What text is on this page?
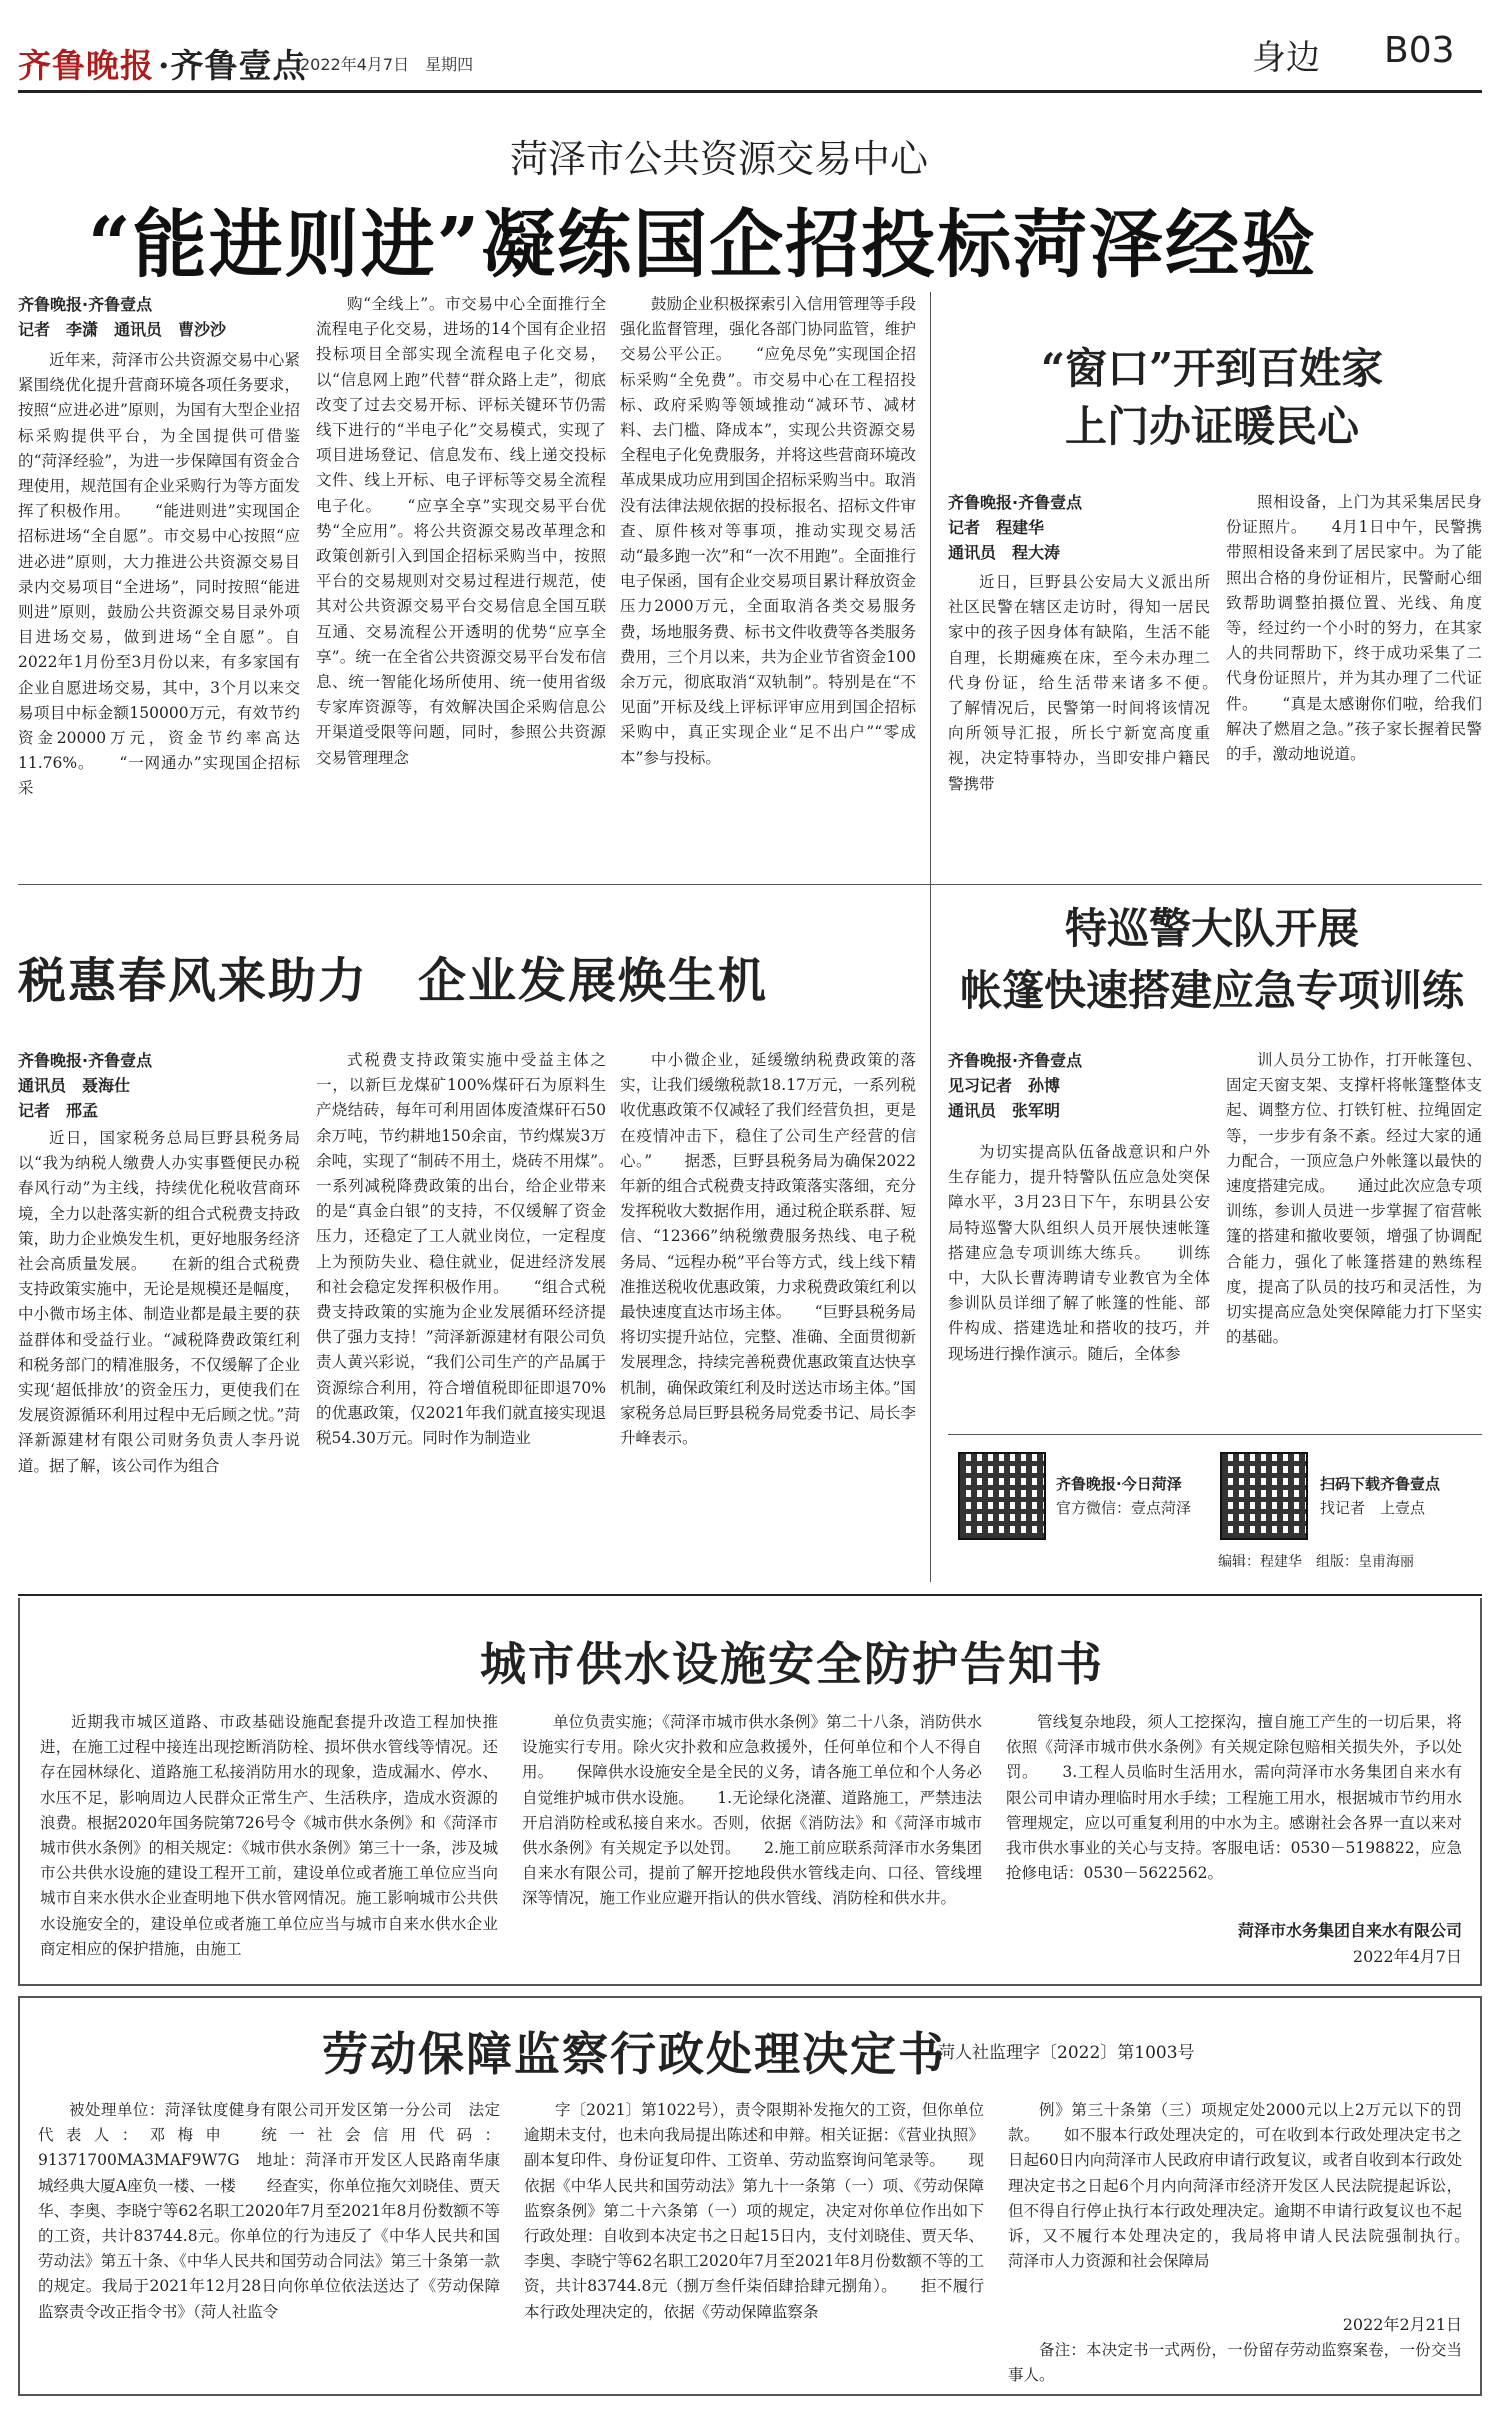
齐鲁晚报 ·齐鲁壹点
2022年4月7日　星期四	身边 B03
菏泽市公共资源交易中心
“能进则进”凝练国企招投标菏泽经验
齐鲁晚报·齐鲁壹点
记者　李潇　通讯员　曹沙沙

近年来，菏泽市公共资源交易中心紧紧围绕优化提升营商环境各项任务要求，按照“应进必进”原则，为国有大型企业招标采购提供平台，为全国提供可借鉴的“菏泽经验”，为进一步保障国有资金合理使用，规范国有企业采购行为等方面发挥了积极作用。　　“能进则进”实现国企招标进场“全自愿”。市交易中心按照“应进必进”原则，大力推进公共资源交易目录内交易项目“全进场”，同时按照“能进则进”原则，鼓励公共资源交易目录外项目进场交易，做到进场“全自愿”。自2022年1月份至3月份以来，有多家国有企业自愿进场交易，其中，3个月以来交易项目中标金额150000万元，有效节约资金20000万元，资金节约率高达11.76%。　　“一网通办”实现国企招标采

购“全线上”。市交易中心全面推行全流程电子化交易，进场的14个国有企业招投标项目全部实现全流程电子化交易，以“信息网上跑”代替“群众路上走”，彻底改变了过去交易开标、评标关键环节仍需线下进行的“半电子化”交易模式，实现了项目进场登记、信息发布、线上递交投标文件、线上开标、电子评标等交易全流程电子化。　　“应享全享”实现交易平台优势“全应用”。将公共资源交易改革理念和政策创新引入到国企招标采购当中，按照平台的交易规则对交易过程进行规范，使其对公共资源交易平台交易信息全国互联互通、交易流程公开透明的优势“应享全享”。统一在全省公共资源交易平台发布信息、统一智能化场所使用、统一使用省级专家库资源等，有效解决国企采购信息公开渠道受限等问题，同时，参照公共资源交易管理理念

鼓励企业积极探索引入信用管理等手段强化监督管理，强化各部门协同监管，维护交易公平公正。　　“应免尽免”实现国企招标采购“全免费”。市交易中心在工程招投标、政府采购等领域推动“减环节、减材料、去门槛、降成本”，实现公共资源交易全程电子化免费服务，并将这些营商环境改革成果成功应用到国企招标采购当中。取消没有法律法规依据的投标报名、招标文件审查、原件核对等事项，推动实现交易活动“最多跑一次”和“一次不用跑”。全面推行电子保函，国有企业交易项目累计释放资金压力2000万元，全面取消各类交易服务费，场地服务费、标书文件收费等各类服务费用，三个月以来，共为企业节省资金100余万元，彻底取消“双轨制”。特别是在“不见面”开标及线上评标评审应用到国企招标采购中，真正实现企业“足不出户”“零成本”参与投标。

“窗口”开到百姓家
上门办证暖民心
齐鲁晚报·齐鲁壹点
记者　程建华
通讯员　程大涛

近日，巨野县公安局大义派出所社区民警在辖区走访时，得知一居民家中的孩子因身体有缺陷，生活不能自理，长期瘫痪在床，至今未办理二代身份证，给生活带来诸多不便。　　了解情况后，民警第一时间将该情况向所领导汇报，所长宁新宽高度重视，决定特事特办，当即安排户籍民警携带

照相设备，上门为其采集居民身份证照片。　　4月1日中午，民警携带照相设备来到了居民家中。为了能照出合格的身份证相片，民警耐心细致帮助调整拍摄位置、光线、角度等，经过约一个小时的努力，在其家人的共同帮助下，终于成功采集了二代身份证照片，并为其办理了二代证件。　　“真是太感谢你们啦，给我们解决了燃眉之急。”孩子家长握着民警的手，激动地说道。

税惠春风来助力　企业发展焕生机
齐鲁晚报·齐鲁壹点
通讯员　聂海仕
记者　邢孟

近日，国家税务总局巨野县税务局以“我为纳税人缴费人办实事暨便民办税春风行动”为主线，持续优化税收营商环境，全力以赴落实新的组合式税费支持政策，助力企业焕发生机，更好地服务经济社会高质量发展。　　在新的组合式税费支持政策实施中，无论是规模还是幅度，中小微市场主体、制造业都是最主要的获益群体和受益行业。“减税降费政策红利和税务部门的精准服务，不仅缓解了企业实现‘超低排放’的资金压力，更使我们在发展资源循环利用过程中无后顾之忧。”菏泽新源建材有限公司财务负责人李丹说道。据了解，该公司作为组合

式税费支持政策实施中受益主体之一，以新巨龙煤矿100%煤矸石为原料生产烧结砖，每年可利用固体废渣煤矸石50余万吨，节约耕地150余亩，节约煤炭3万余吨，实现了“制砖不用土，烧砖不用煤”。　　一系列减税降费政策的出台，给企业带来的是“真金白银”的支持，不仅缓解了资金压力，还稳定了工人就业岗位，一定程度上为预防失业、稳住就业，促进经济发展和社会稳定发挥积极作用。　　“组合式税费支持政策的实施为企业发展循环经济提供了强力支持！”菏泽新源建材有限公司负责人黄兴彩说，“我们公司生产的产品属于资源综合利用，符合增值税即征即退70%的优惠政策，仅2021年我们就直接实现退税54.30万元。同时作为制造业

中小微企业，延缓缴纳税费政策的落实，让我们缓缴税款18.17万元，一系列税收优惠政策不仅减轻了我们经营负担，更是在疫情冲击下，稳住了公司生产经营的信心。”　　据悉，巨野县税务局为确保2022年新的组合式税费支持政策落实落细，充分发挥税收大数据作用，通过税企联系群、短信、“12366”纳税缴费服务热线、电子税务局、“远程办税”平台等方式，线上线下精准推送税收优惠政策，力求税费政策红利以最快速度直达市场主体。　　“巨野县税务局将切实提升站位，完整、准确、全面贯彻新发展理念，持续完善税费优惠政策直达快享机制，确保政策红利及时送达市场主体。”国家税务总局巨野县税务局党委书记、局长李升峰表示。

特巡警大队开展
帐篷快速搭建应急专项训练
齐鲁晚报·齐鲁壹点
见习记者　孙博
通讯员　张军明

为切实提高队伍备战意识和户外生存能力，提升特警队伍应急处突保障水平，3月23日下午，东明县公安局特巡警大队组织人员开展快速帐篷搭建应急专项训练大练兵。　　训练中，大队长曹涛聘请专业教官为全体参训队员详细了解了帐篷的性能、部件构成、搭建选址和搭收的技巧，并现场进行操作演示。随后，全体参

训人员分工协作，打开帐篷包、固定天窗支架、支撑杆将帐篷整体支起、调整方位、打铁钉桩、拉绳固定等，一步步有条不紊。经过大家的通力配合，一顶应急户外帐篷以最快的速度搭建完成。　　通过此次应急专项训练，参训人员进一步掌握了宿营帐篷的搭建和撤收要领，增强了协调配合能力，强化了帐篷搭建的熟练程度，提高了队员的技巧和灵活性，为切实提高应急处突保障能力打下坚实的基础。

齐鲁晚报·今日菏泽
官方微信：壹点菏泽
扫码下载齐鲁壹点
找记者　上壹点
编辑：程建华　组版：皇甫海丽
城市供水设施安全防护告知书

近期我市城区道路、市政基础设施配套提升改造工程加快推进，在施工过程中接连出现挖断消防栓、损坏供水管线等情况。还存在园林绿化、道路施工私接消防用水的现象，造成漏水、停水、水压不足，影响周边人民群众正常生产、生活秩序，造成水资源的浪费。根据2020年国务院第726号令《城市供水条例》和《菏泽市城市供水条例》的相关规定：《城市供水条例》第三十一条，涉及城市公共供水设施的建设工程开工前，建设单位或者施工单位应当向城市自来水供水企业查明地下供水管网情况。施工影响城市公共供水设施安全的，建设单位或者施工单位应当与城市自来水供水企业商定相应的保护措施，由施工

单位负责实施；《菏泽市城市供水条例》第二十八条，消防供水设施实行专用。除火灾扑救和应急救援外，任何单位和个人不得自用。　　保障供水设施安全是全民的义务，请各施工单位和个人务必自觉维护城市供水设施。　　1.无论绿化浇灌、道路施工，严禁违法开启消防栓或私接自来水。否则，依据《消防法》和《菏泽市城市供水条例》有关规定予以处罚。　　2.施工前应联系菏泽市水务集团自来水有限公司，提前了解开挖地段供水管线走向、口径、管线埋深等情况，施工作业应避开指认的供水管线、消防栓和供水井。

管线复杂地段，须人工挖探沟，擅自施工产生的一切后果，将依照《菏泽市城市供水条例》有关规定除包赔相关损失外，予以处罚。　　3.工程人员临时生活用水，需向菏泽市水务集团自来水有限公司申请办理临时用水手续；工程施工用水，根据城市节约用水管理规定，应以可重复利用的中水为主。感谢社会各界一直以来对我市供水事业的关心与支持。客服电话：0530－5198822，应急抢修电话：0530－5622562。

菏泽市水务集团自来水有限公司
2022年4月7日
劳动保障监察行政处理决定书
菏人社监理字〔2022〕第1003号

被处理单位：菏泽钛度健身有限公司开发区第一分公司　法定代表人：邓梅申　统一社会信用代码：91371700MA3MAF9W7G　地址：菏泽市开发区人民路南华康城经典大厦A座负一楼、一楼　　经查实，你单位拖欠刘晓佳、贾天华、李奥、李晓宁等62名职工2020年7月至2021年8月份数额不等的工资，共计83744.8元。你单位的行为违反了《中华人民共和国劳动法》第五十条、《中华人民共和国劳动合同法》第三十条第一款的规定。我局于2021年12月28日向你单位依法送达了《劳动保障监察责令改正指令书》（菏人社监令

字〔2021〕第1022号），责令限期补发拖欠的工资，但你单位逾期未支付，也未向我局提出陈述和申辩。相关证据：《营业执照》副本复印件、身份证复印件、工资单、劳动监察询问笔录等。　　现依据《中华人民共和国劳动法》第九十一条第（一）项、《劳动保障监察条例》第二十六条第（一）项的规定，决定对你单位作出如下行政处理：自收到本决定书之日起15日内，支付刘晓佳、贾天华、李奥、李晓宁等62名职工2020年7月至2021年8月份数额不等的工资，共计83744.8元（捌万叁仟柒佰肆拾肆元捌角）。　　拒不履行本行政处理决定的，依据《劳动保障监察条

例》第三十条第（三）项规定处2000元以上2万元以下的罚款。　　如不服本行政处理决定的，可在收到本行政处理决定书之日起60日内向菏泽市人民政府申请行政复议，或者自收到本行政处理决定书之日起6个月内向菏泽市经济开发区人民法院提起诉讼，但不得自行停止执行本行政处理决定。逾期不申请行政复议也不起诉，又不履行本处理决定的，我局将申请人民法院强制执行。　　菏泽市人力资源和社会保障局

2022年2月21日

备注：本决定书一式两份，一份留存劳动监察案卷，一份交当事人。
